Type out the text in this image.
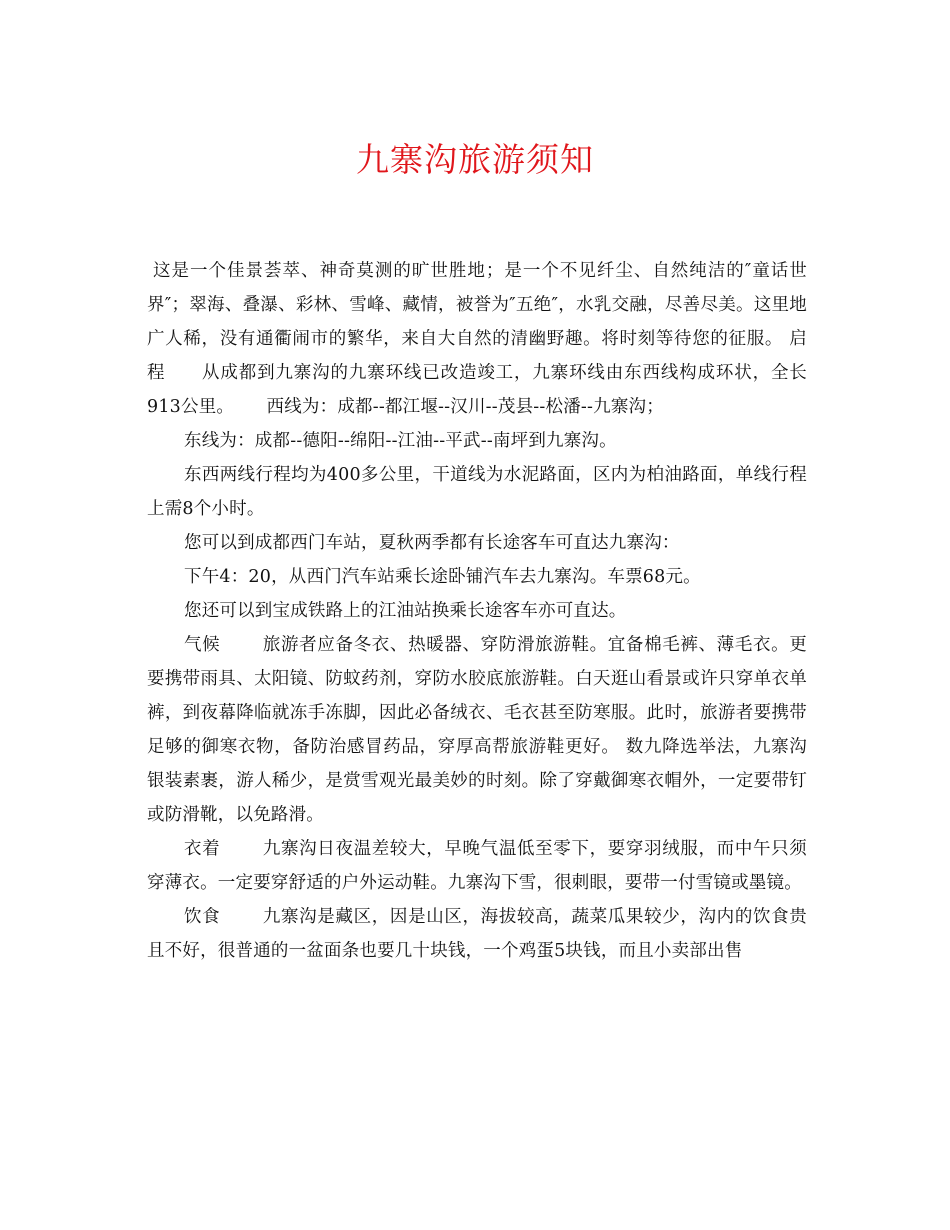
九寨沟旅游须知

这是一个佳景荟萃、神奇莫测的旷世胜地；是一个不见纤尘、自然纯洁的″童话世界″；翠海、叠瀑、彩林、雪峰、藏情，被誉为″五绝″，水乳交融，尽善尽美。这里地广人稀，没有通衢闹市的繁华，来自大自然的清幽野趣。将时刻等待您的征服。 启程　　从成都到九寨沟的九寨环线已改造竣工，九寨环线由东西线构成环状，全长913公里。　　 西线为：成都--都江堰--汉川--茂县--松潘--九寨沟；

东线为：成都--德阳--绵阳--江油--平武--南坪到九寨沟。

东西两线行程均为400多公里，干道线为水泥路面，区内为柏油路面，单线行程上需8个小时。

您可以到成都西门车站，夏秋两季都有长途客车可直达九寨沟：

下午4：20，从西门汽车站乘长途卧铺汽车去九寨沟。车票68元。

您还可以到宝成铁路上的江油站换乘长途客车亦可直达。

气候　　 旅游者应备冬衣、热暖器、穿防滑旅游鞋。宜备棉毛裤、薄毛衣。更要携带雨具、太阳镜、防蚊药剂，穿防水胶底旅游鞋。白天逛山看景或许只穿单衣单裤，到夜幕降临就冻手冻脚，因此必备绒衣、毛衣甚至防寒服。此时，旅游者要携带足够的御寒衣物，备防治感冒药品，穿厚高帮旅游鞋更好。 数九降选举法，九寨沟银装素裹，游人稀少，是赏雪观光最美妙的时刻。除了穿戴御寒衣帽外，一定要带钉或防滑靴，以免路滑。

衣着　　 九寨沟日夜温差较大，早晚气温低至零下，要穿羽绒服，而中午只须穿薄衣。一定要穿舒适的户外运动鞋。九寨沟下雪，很刺眼，要带一付雪镜或墨镜。

饮食　　 九寨沟是藏区，因是山区，海拔较高，蔬菜瓜果较少，沟内的饮食贵且不好，很普通的一盆面条也要几十块钱，一个鸡蛋5块钱，而且小卖部出售
